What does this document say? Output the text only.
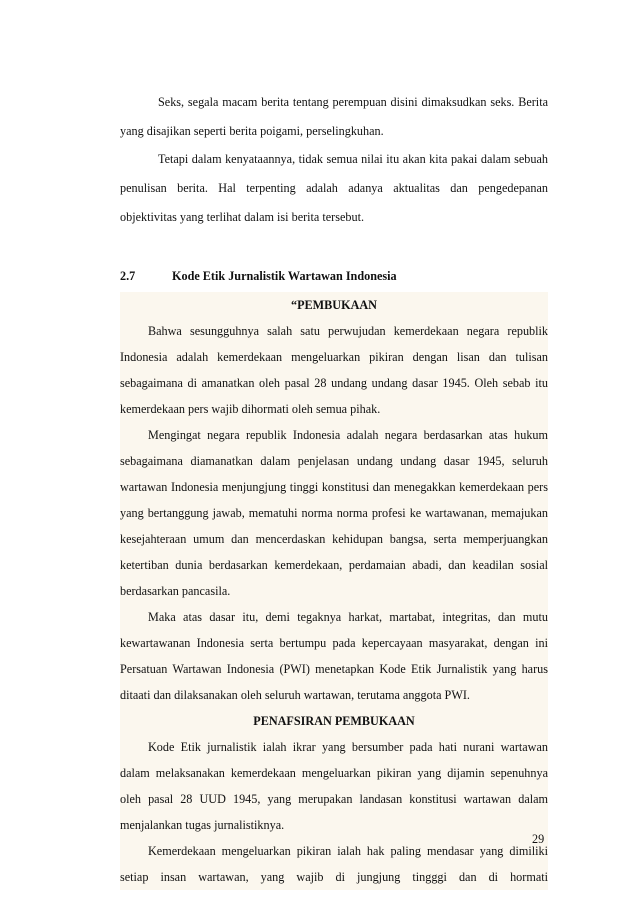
Seks, segala macam berita tentang perempuan disini dimaksudkan seks. Berita yang disajikan seperti berita poigami, perselingkuhan.
Tetapi dalam kenyataannya, tidak semua nilai itu akan kita pakai dalam sebuah penulisan berita. Hal terpenting adalah adanya aktualitas dan pengedepanan objektivitas yang terlihat dalam isi berita tersebut.
2.7	Kode Etik Jurnalistik Wartawan Indonesia
“PEMBUKAAN
Bahwa sesungguhnya salah satu perwujudan kemerdekaan negara republik Indonesia adalah kemerdekaan mengeluarkan pikiran dengan lisan dan tulisan sebagaimana di amanatkan oleh pasal 28 undang undang dasar 1945. Oleh sebab itu kemerdekaan pers wajib dihormati oleh semua pihak.
Mengingat negara republik Indonesia adalah negara berdasarkan atas hukum sebagaimana diamanatkan dalam penjelasan undang undang dasar 1945, seluruh wartawan Indonesia menjungjung tinggi konstitusi dan menegakkan kemerdekaan pers yang bertanggung jawab, mematuhi norma norma profesi ke wartawanan, memajukan kesejahteraan umum dan mencerdaskan kehidupan bangsa, serta memperjuangkan ketertiban dunia berdasarkan kemerdekaan, perdamaian abadi, dan keadilan sosial berdasarkan pancasila.
Maka atas dasar itu, demi tegaknya harkat, martabat, integritas, dan mutu kewartawanan Indonesia serta bertumpu pada kepercayaan masyarakat, dengan ini Persatuan Wartawan Indonesia (PWI) menetapkan Kode Etik Jurnalistik yang harus ditaati dan dilaksanakan oleh seluruh wartawan, terutama anggota PWI.
PENAFSIRAN PEMBUKAAN
Kode Etik jurnalistik ialah ikrar yang bersumber pada hati nurani wartawan dalam melaksanakan kemerdekaan mengeluarkan pikiran yang dijamin sepenuhnya oleh pasal 28 UUD 1945, yang merupakan landasan konstitusi wartawan dalam menjalankan tugas jurnalistiknya.
Kemerdekaan mengeluarkan pikiran ialah hak paling mendasar yang dimiliki setiap insan wartawan, yang wajib di jungjung tingggi dan di hormati
29
